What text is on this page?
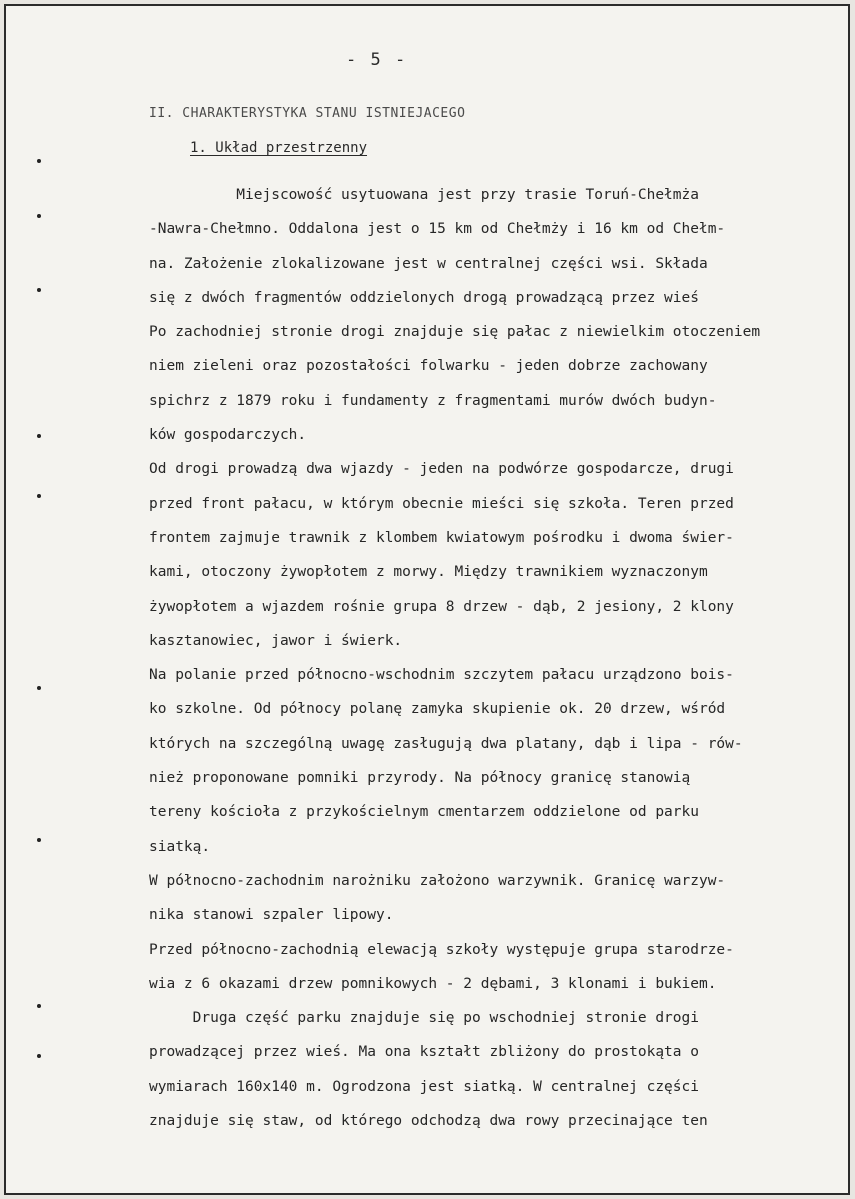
- 5 -
II. CHARAKTERYSTYKA STANU ISTNIEJACEGO
1. Układ przestrzenny
Miejscowość usytuowana jest przy trasie Toruń-Chełmża
-Nawra-Chełmno. Oddalona jest o 15 km od Chełmży i 16 km od Chełm-
na. Założenie zlokalizowane jest w centralnej części wsi. Składa
się z dwóch fragmentów oddzielonych drogą prowadzącą przez wieś
Po zachodniej stronie drogi znajduje się pałac z niewielkim otoczeniem
niem zieleni oraz pozostałości folwarku - jeden dobrze zachowany
spichrz z 1879 roku i fundamenty z fragmentami murów dwóch budyn-
ków gospodarczych.
Od drogi prowadzą dwa wjazdy - jeden na podwórze gospodarcze, drugi
przed front pałacu, w którym obecnie mieści się szkoła. Teren przed
frontem zajmuje trawnik z klombem kwiatowym pośrodku i dwoma świer-
kami, otoczony żywopłotem z morwy. Między trawnikiem wyznaczonym
żywopłotem a wjazdem rośnie grupa 8 drzew - dąb, 2 jesiony, 2 klony
kasztanowiec, jawor i świerk.
Na polanie przed północno-wschodnim szczytem pałacu urządzono bois-
ko szkolne. Od północy polanę zamyka skupienie ok. 20 drzew, wśród
których na szczególną uwagę zasługują dwa platany, dąb i lipa - rów-
nież proponowane pomniki przyrody. Na północy granicę stanowią
tereny kościoła z przykościelnym cmentarzem oddzielone od parku
siatką.
W północno-zachodnim narożniku założono warzywnik. Granicę warzyw-
nika stanowi szpaler lipowy.
Przed północno-zachodnią elewacją szkoły występuje grupa starodrze-
wia z 6 okazami drzew pomnikowych - 2 dębami, 3 klonami i bukiem.
Druga część parku znajduje się po wschodniej stronie drogi
prowadzącej przez wieś. Ma ona kształt zbliżony do prostokąta o
wymiarach 160x140 m. Ogrodzona jest siatką. W centralnej części
znajduje się staw, od którego odchodzą dwa rowy przecinające ten
